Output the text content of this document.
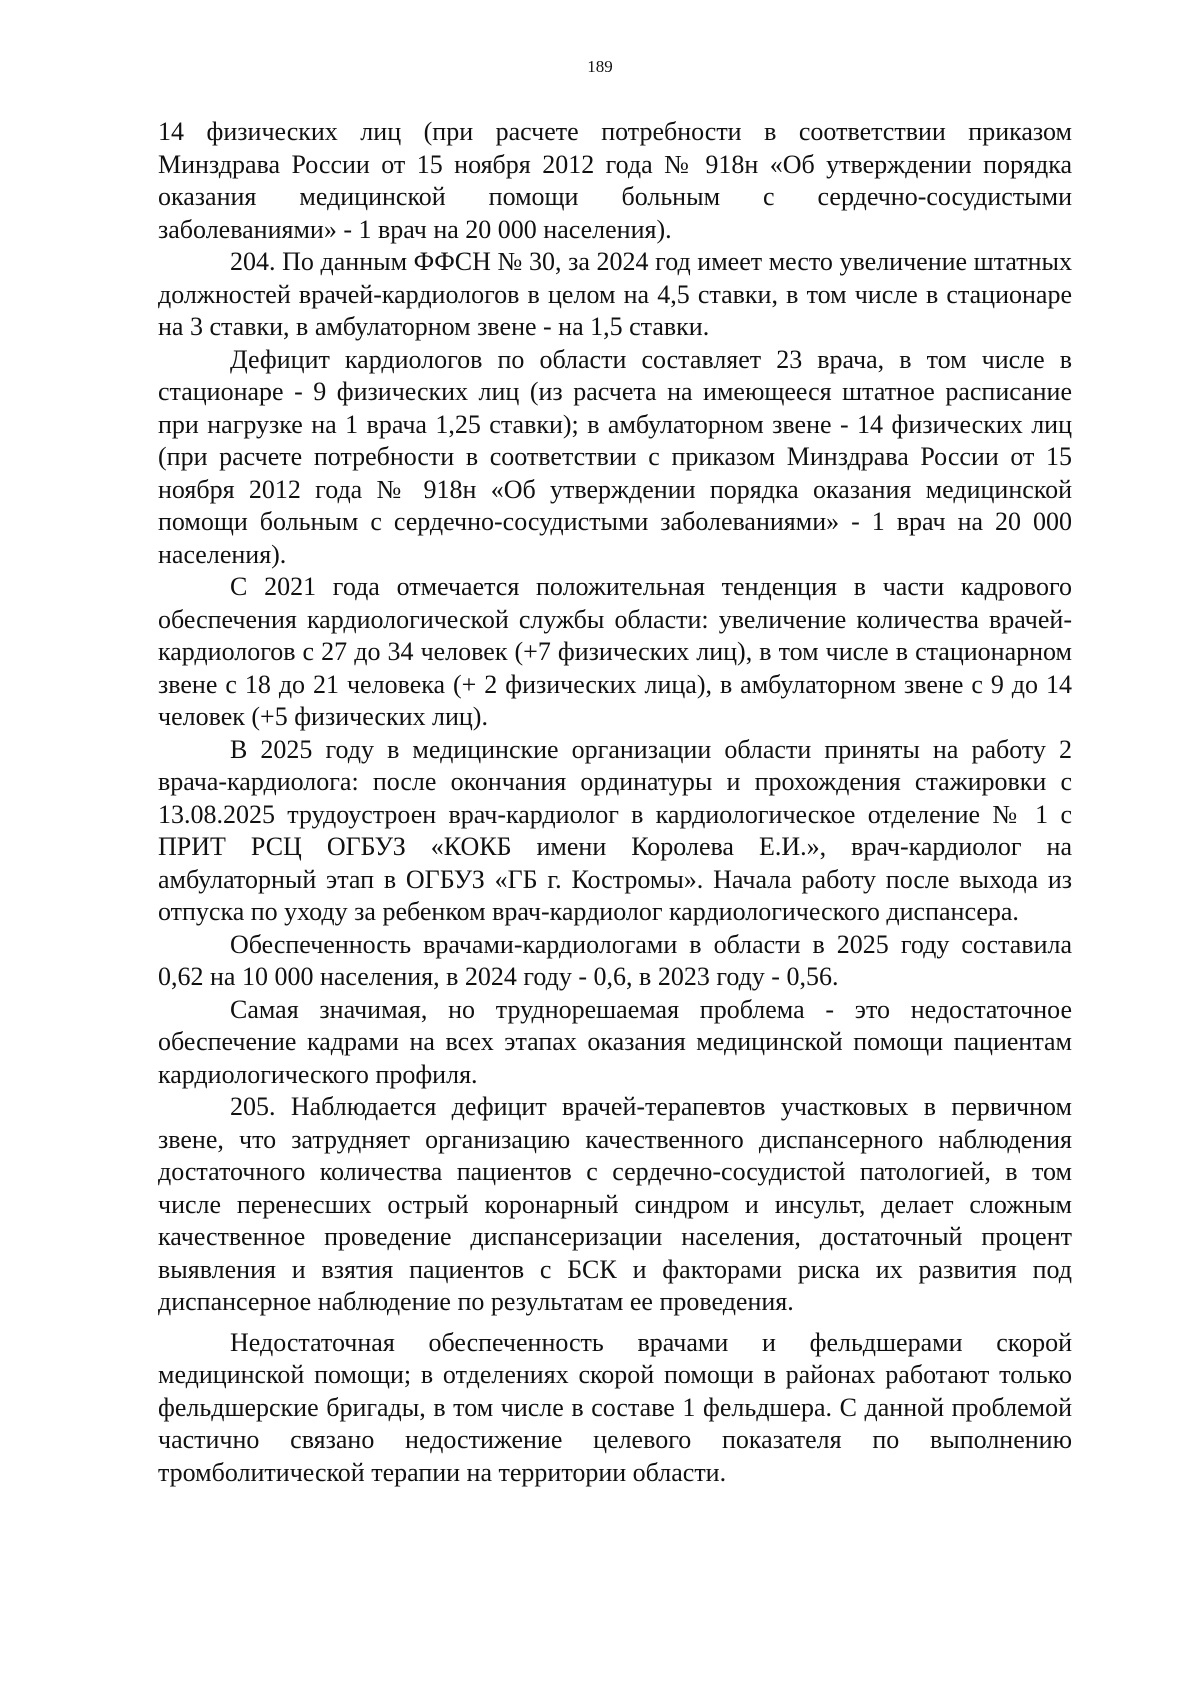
189

14 физических лиц (при расчете потребности в соответствии приказом Минздрава России от 15 ноября 2012 года № 918н «Об утверждении порядка оказания медицинской помощи больным с сердечно-сосудистыми заболеваниями» - 1 врач на 20 000 населения).

204. По данным ФФСН № 30, за 2024 год имеет место увеличение штатных должностей врачей-кардиологов в целом на 4,5 ставки, в том числе в стационаре на 3 ставки, в амбулаторном звене - на 1,5 ставки.

Дефицит кардиологов по области составляет 23 врача, в том числе в стационаре - 9 физических лиц (из расчета на имеющееся штатное расписание при нагрузке на 1 врача 1,25 ставки); в амбулаторном звене - 14 физических лиц (при расчете потребности в соответствии с приказом Минздрава России от 15 ноября 2012 года № 918н «Об утверждении порядка оказания медицинской помощи больным с сердечно-сосудистыми заболеваниями» - 1 врач на 20 000 населения).

С 2021 года отмечается положительная тенденция в части кадрового обеспечения кардиологической службы области: увеличение количества врачей-кардиологов с 27 до 34 человек (+7 физических лиц), в том числе в стационарном звене с 18 до 21 человека (+ 2 физических лица), в амбулаторном звене с 9 до 14 человек (+5 физических лиц).

В 2025 году в медицинские организации области приняты на работу 2 врача-кардиолога: после окончания ординатуры и прохождения стажировки с 13.08.2025 трудоустроен врач-кардиолог в кардиологическое отделение № 1 с ПРИТ РСЦ ОГБУЗ «КОКБ имени Королева Е.И.», врач-кардиолог на амбулаторный этап в ОГБУЗ «ГБ г. Костромы». Начала работу после выхода из отпуска по уходу за ребенком врач-кардиолог кардиологического диспансера.

Обеспеченность врачами-кардиологами в области в 2025 году составила 0,62 на 10 000 населения, в 2024 году - 0,6, в 2023 году - 0,56.

Самая значимая, но труднорешаемая проблема - это недостаточное обеспечение кадрами на всех этапах оказания медицинской помощи пациентам кардиологического профиля.

205. Наблюдается дефицит врачей-терапевтов участковых в первичном звене, что затрудняет организацию качественного диспансерного наблюдения достаточного количества пациентов с сердечно-сосудистой патологией, в том числе перенесших острый коронарный синдром и инсульт, делает сложным качественное проведение диспансеризации населения, достаточный процент выявления и взятия пациентов с БСК и факторами риска их развития под диспансерное наблюдение по результатам ее проведения.

Недостаточная обеспеченность врачами и фельдшерами скорой медицинской помощи; в отделениях скорой помощи в районах работают только фельдшерские бригады, в том числе в составе 1 фельдшера. С данной проблемой частично связано недостижение целевого показателя по выполнению тромболитической терапии на территории области.
